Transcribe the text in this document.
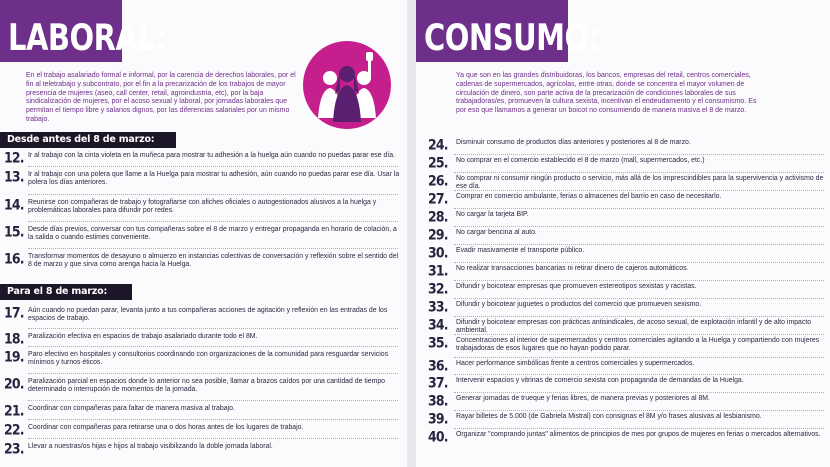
LABORAL:
En el trabajo asalariado formal e informal, por la carencia de derechos laborales, por el fin al teletrabajo y subcontrato, por el fin a la precarización de los trabajos de mayor presencia de mujeres (aseo, call center, retail, agroindustria, etc), por la baja sindicalización de mujeres, por el acoso sexual y laboral, por jornadas laborales que permitan el tiempo libre y salarios dignos, por las diferencias salariales por un mismo trabajo.
Desde antes del 8 de marzo:
12. Ir al trabajo con la cinta violeta en la muñeca para mostrar tu adhesión a la huelga aún cuando no puedas parar ese día.
13. Ir al trabajo con una polera que llame a la Huelga para mostrar tu adhesión, aún cuando no puedas parar ese día. Usar la polera los días anteriores.
14. Reunirse con compañeras de trabajo y fotografiarse con afiches oficiales o autogestionados alusivos a la huelga y problemáticas laborales para difundir por redes.
15. Desde días previos, conversar con tus compañeras sobre el 8 de marzo y entregar propaganda en horario de colación, a la salida o cuando estimes conveniente.
16. Transformar momentos de desayuno o almuerzo en instancias colectivas de conversación y reflexión sobre el sentido del 8 de marzo y que sirva como arenga hacia la Huelga.
Para el 8 de marzo:
17. Aún cuando no puedan parar, levanta junto a tus compañeras acciones de agitación y reflexión en las entradas de los espacios de trabajo.
18. Paralización efectiva en espacios de trabajo asalariado durante todo el 8M.
19. Paro efectivo en hospitales y consultorios coordinando con organizaciones de la comunidad para resguardar servicios mínimos y turnos éticos.
20. Paralización parcial en espacios donde lo anterior no sea posible, llamar a brazos caídos por una cantidad de tiempo determinado o interrupción de momentos de la jornada.
21. Coordinar con compañeras para faltar de manera masiva al trabajo.
22. Coordinar con compañeras para retirarse una o dos horas antes de los lugares de trabajo.
23. Llevar a nuestras/os hijas e hijos al trabajo visibilizando la doble jornada laboral.
CONSUMO:
Ya que son en las grandes distribuidoras, los bancos, empresas del retail, centros comerciales, cadenas de supermercados, agrícolas, entre otras, donde se concentra el mayor volumen de circulación de dinero, son parte activa de la precarización de condiciones laborales de sus trabajadoras/es, promueven la cultura sexista, incentivan el endeudamiento y el consumismo. Es por eso que llamamos a generar un boicot no consumiendo de manera masiva el 8 de marzo.
24.	Disminuir consumo de productos días anteriores y posteriores al 8 de marzo.
25.	No comprar en el comercio establecido el 8 de marzo (mall, supermercados, etc.)
26.	No comprar ni consumir ningún producto o servicio, más allá de los imprescindibles para la supervivencia y activismo de ese día.
27.	Comprar en comercio ambulante, ferias o almacenes del barrio en caso de necesitarlo.
28.	No cargar la tarjeta BIP.
29.	No cargar bencina al auto.
30.	Evadir masivamente el transporte público.
31.	No realizar transacciones bancarias ni retirar dinero de cajeros automáticos.
32.	Difundir y boicotear empresas que promueven estereotipos sexistas y racistas.
33.	Difundir y boicotear juguetes o productos del comercio que promueven sexismo.
34.	Difundir y boicotear empresas con prácticas antisindicales, de acoso sexual, de explotación infantil y de alto impacto ambiental.
35.	Concentraciones al interior de supermercados y centros comerciales agitando a la Huelga y compartiendo con mujeres trabajadoras de esos lugares que no hayan podido parar.
36.	Hacer performance simbólicas frente a centros comerciales y supermercados.
37.	Intervenir espacios y vitrinas de comercio sexista con propaganda de demandas de la Huelga.
38.	Generar jornadas de trueque y ferias libres, de manera previas y posteriores al 8M.
39.	Rayar billetes de 5.000 (de Gabriela Mistral) con consignas el 8M y/o frases alusivas al lesbianismo.
40.	Organizar "comprando juntas" alimentos de principios de mes por grupos de mujeres en ferias o mercados alternativos.
